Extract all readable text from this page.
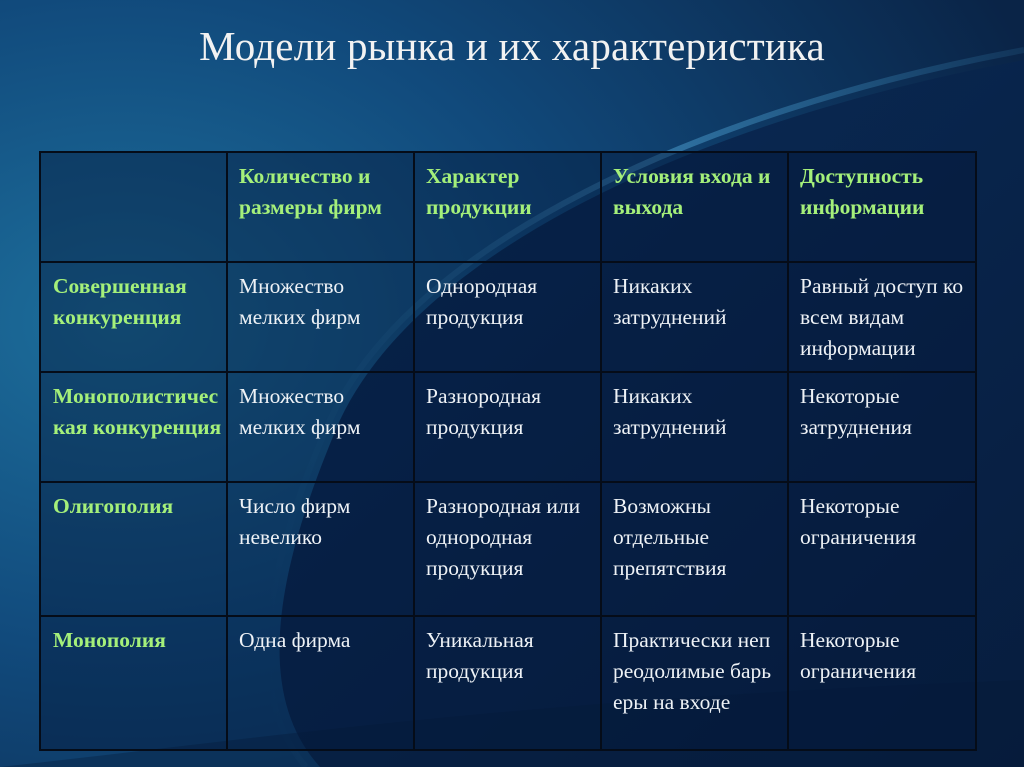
Модели рынка и их характеристика

	Количество и размеры фирм	Характер продукции	Условия входа и выхода	Доступность информации

Совершенная конкуренция	Множество мелких фирм	Однородная продукция	Никаких затруднений	Равный доступ ко всем видам информации

Монополистическая конкуренция	Множество мелких фирм	Разнородная продукция	Никаких затруднений	Некоторые затруднения

Олигополия	Число фирм невелико	Разнородная или однородная продукция	Возможны отдельные препятствия	Некоторые ограничения

Монополия	Одна фирма	Уникальная продукция	Практически непреодолимые барьеры на входе	Некоторые ограничения
